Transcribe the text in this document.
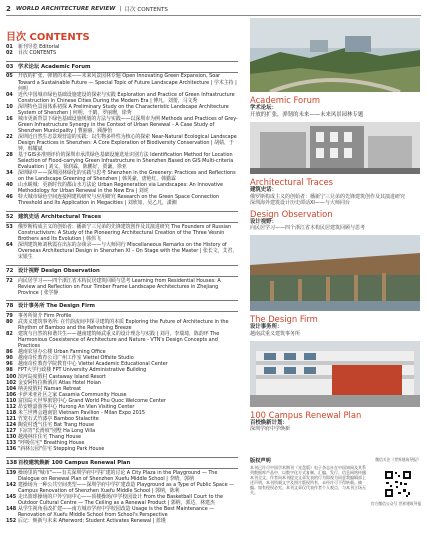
2 WORLD ARCHITECTURE REVIEW | 目次 CONTENTS
目次 CONTENTS
01	新刊导览 Editorial
02	目次 CONTENTS
03 学术论坛 Academic Forum
05	开放的扩张，弹韧的未来——未来风景园林专题 Open Innovating Green Expansion, Soar Toward a Sustainable Future — Special Topic of Future Landscape Architecture | 学术主持 | 何明
04	近代中国城市绿色基础设施建设的探索与实践 Exploration and Practice of Green Infrastructure Construction in Chinese Cities During the Modern Era | 傅凡，刘蕾，马文秀
10	深圳特色景园体系初探 A Preliminary Study on the Characteristic Landscape Architecture System of Shenzhen | 何明，千鹤，罗丽珊，徐秀
16	城市更新背景下绿色基础设施规划的方法与实践——以深圳市为例 Methods and Practices of Grey-Green Infrastructure Synergy in the Context of Urban Renewal - A Case Study of Shenzhen Municipality | 曹丽丽，顾静怡
22	深圳近自然生态景观营造的实践：以生物多样性为核心的探索 Near-Natural Ecological Landscape Design Practices in Shenzhen: A Core Exploration of Biodiversity Conservation | 胡婧，于钟，韩耀斌
28	基于GIS多准则评价的深圳市承洪绿色基础设施选址识别方法 Identification Method for Location Selection of Flood-carrying Green Infrastructure in Shenzhen Based on GIS Multi-criteria Evaluation | 刘义，徐润霖，陈鹏好，贾谦，徐亚
34	深圳绿中——深圳园林绿化的实践与思考 Shenzhen in the Greenery: Practices and Reflections on the Landscape Greening of Shenzhen | 韩英豪，唐艳红，韩勤霖
40	山水蜕城：更新时代的都山水方法论 Urban Regeneration via Landscapes: An Innovative Methodology for Urban Renewal in the New Era | 刘虎
46	特大城市绿色空间连接网建构研究与应用研究 Research on the Green Space Connection Threshold and Its Application in Megacities | 刘欣如，吴乙凡，潇湘
52 建筑史话 Architectural Traces
53	俄罗斯构成主义的创始者：播新宁三兄弟的先锋建筑创作及其演进研究 The Founders of Russian Constructivism: A Study of the Pioneering Architectural Creation of the Three Vesnin Brothers and Its Evolution | 韩伟飞
64	深圳建筑师刘秋霞在出东的杂谈录——与大师同行 Miscellaneous Remarks on the History of Overseas Architectural Design in Shenzhen XI – On Stage with the Master | 张长文，艾君，宋银生
72 设计视野 Design Observation
72	向民居学习——四个浙江省木构民居建筑回顾与思考 Learning from Residential Houses: A Review and Reflection on Four Timber Frame Landscape Architectures in Zhejiang Province | 张学静
78 设计事务所 The Design Firm
79	事务所简介 Firm Profile
80	武夷义建筑事务所: 在竹韵流间中探寻建筑的本质 Exploring the Future of Architecture in the Rhythm of Bamboo and the Refreshing Breeze
82	建筑与自然的和谐共生——越南建筑师武重义的设计理念与实践 | 刘丹，李瑞琦，陈韵坪 The Harmonious Coexistence of Architecture and Nature - VTN's Design Concepts and Practices
86	越南农垦办公楼 Urban Farming Office
90	越南奇佐教育公司广州工作室 Viettel Offsite Studio
96	越南奇佐教育学院教育中心 Viettel Academic Educational Center
98	FPT大学行政楼 FPT University Administrative Building
100 滨河岛度假村 Castaway Island Resort
102 金安阿特拉斯酒店 Atlas Hotel Hoian
104 纳美度假村 Naman Retreat
106 卡萨米亚社区之家 Casamia Community House
110 富国岛大世界旅馆中心 Grand World Phu Quoc Welcome Center
112 昂安维嘉游客中心 Hurong An Vien Visiting Center
118 米兰世博会越南馆 Vietnam Pavilion - Milan Expo 2015
121 竹笼石式竹漆亭 Bamboo Stalactite
124 陶瓷村透气住宅 Bat Trang House
127 下凉宵"长滑坡"别墅 Ha Long Villa
130 越漫林住住宅 Thang House
133 "呼吸住宅" Breathing House
136 "斜林公园"住宅 Stepping Park House
138 百校建筑焕新 100 Campus Renewal Plan
139 操场里的"城市"——有关深圳学府中学扩建的讨论 A City Plaza in the Playground — The Dialogue on Renewal Plan of Shenzhen Xuefu Middle School | 李晴，郭纳
142 建操场为一种公共空间类型——深圳学府中学扩建改造 Playground as a Type of Public Space — Campus Renovation of Shenzhen Xuefu Middle School | 郭纳，陈利
145 走出篮球操场的户外空间中心——顶楼操场/中学校园设计 From the Basketball Court to the Outdoor Cultural Centre — The Ceiling as a Renewal Product | 郭纳，郭达，林建杰
148 从学生视角看改扩建——南方城市学府中学校园改造 Usage is the Best Maintenance — Renovation of Xuefu Middle School from School's Perspective
152 后记：焕新与未来 Afterword: Student Activates Renewal | 蓝瑾
Academic Forum
学术论坛：
开放的扩张，弹韧的未来——未来风景园林专题
Architectural Traces
建筑史话：
俄罗斯构成主义的创始者：播新宁三兄弟的先锋建筑创作及其演进研究
深圳海外建筑设计历史谭话XI——与大师同台
Design Observation
设计视野：
向民居学习——四个浙江省木构民居建筑回顾与思考
The Design Firm
设计事务所：
越南武重义建筑事务所
100 Campus Renewal Plan
百校焕新计划：
深圳学府中学焕新
版权声明
本刊已许可中国学术期刊（光盘版）电子杂志社在中国知网及其系列数据库产品中，以数字化方式复制、汇编、发行、信息网络传播本刊全文。作者向本刊提交文章发表的行为即视为同意我编辑部上述声明。本刊所载文字及图片版权所有，未经许可不得转载、摘编。如有侵权必究。本刊文章仅代表作者个人观点，与本刊立场无关。
微信关注《世界建筑导报》
官方微信公众号 世界建筑导报
